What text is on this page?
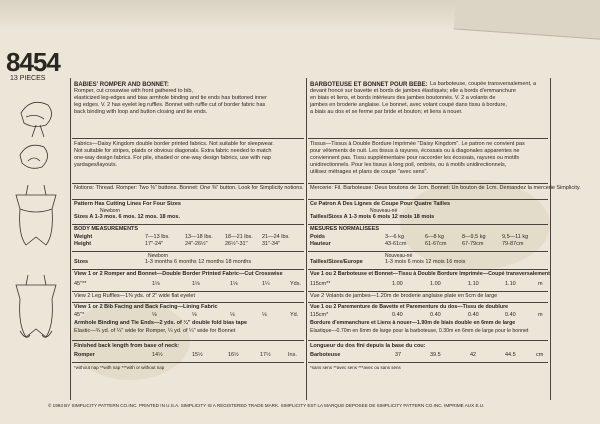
8454
13 PIECES
BABIES' ROMPER AND BONNET:
Romper, cut crosswise with front gathered to bib,
elasticized leg-edges and bias armhole binding and tie ends has buttoned inner
leg edges. V. 2 has eyelet leg ruffles. Bonnet with ruffle cut of border fabric has
back binding with loop and button closing and tie ends.
Fabrics—Daisy Kingdom double border printed fabrics. Not suitable for sleepwear.
Not suitable for stripes, plaids or obvious diagonals. Extra fabric needed to match
one-way design fabrics. For pile, shaded or one-way design fabrics, use with nap
yardages/layouts.
Notions: Thread. Romper: Two ⅜" buttons. Bonnet: One ⅜" button. Look for Simplicity notions.
Pattern Has Cutting Lines For Four Sizes
Newborn
Sizes A 1-3 mos. 6 mos. 12 mos. 18 mos.
BODY MEASUREMENTS
Weight	7—13 lbs.	13—18 lbs. 18—21 lbs. 21—24 lbs.
Height	17"-24"	24"-26½"	26½"-31"	31"-34"
Newborn
Sizes	1-3 months 6 months 12 months 18 months
View 1 or 2 Romper and Bonnet—Double Border Printed Fabric—Cut Crosswise
45"**	1⅛	1⅛	1⅛	1¼	Yds.
View 2 Leg Ruffles—1⅜ yds. of 2" wide flat eyelet
View 1 or 2 Bib Facing and Back Facing—Lining Fabric
45"*	⅛	⅛	⅛	⅛	Yd.
Armhole Binding and Tie Ends—2 yds. of ¼" double fold bias tape
Elastic—¾ yd. of ¼" wide for Romper, ¼ yd. of ¼" wide for Bonnet
Finished back length from base of neck:
Romper	14½	15½	16½	17½	Ins.
*without nap **with nap ***with or without nap
BARBOTEUSE ET BONNET POUR BEBE: La barboteuse, coupée transversalement, a
devant froncé sur bavette et bords de jambes élastiqués; elle a bords d'emmanchure
en biais et liens, et bords intérieurs des jambes boutonnés. V. 2 a volants de
jambes en broderie anglaise. Le bonnet, avec volant coupé dans tissu à bordure,
a biais au dos et se ferme par bride et bouton; et liens à nouer.
Tissus—Tissus à Double Bordure Imprimée "Daisy Kingdom". Le patron ne convient pas
pour vêtements de nuit. Les tissus à rayures, écossais ou à diagonales apparentes ne
conviennent pas. Tissu supplémentaire pour raccorder les écossais, rayures ou motifs
unidirectionnels. Pour les tissus à long poil, ombrés, ou à motifs unidirectionnels,
utilisez métrages et plans de coupe "avec sens".
Mercerie: Fil. Barboteuse: Deux boutons de 1cm. Bonnet: Un bouton de 1cm. Demandez la mercerie Simplicity.
Ce Patron A Des Lignes de Coupe Pour Quatre Tailles
Nouveau-né
Tailles/Sizes A 1-3 mois 6 mois 12 mois 18 mois
MESURES NORMALISEES
Poids	3—6 kg	6—8 kg	8—9,5 kg	9,5—11 kg
Hauteur	43-61cm	61-67cm	67-79cm	79-87cm
Nouveau-né
Tailles/Sizes/Europe	1-3 mois 6 mois 12 mois 16 mois
Vue 1 ou 2 Barboteuse et Bonnet—Tissu à Double Bordure Imprimée—Coupé transversalement
115cm**	1.00	1.00	1.10	1.10	m
Vue 2 Volants de jambes—1.20m de broderie anglaise plate en 5cm de large
Vue 1 ou 2 Parementure de Bavette et Parementure du dos—Tissu de doublure
115cm*	0.40	0.40	0.40	0.40	m
Bordure d'emmanchure et Liens à nouer—1.90m de biais double en 6mm de large
Elastique—0.70m en 6mm de large pour la barboteuse, 0.30m en 6mm de large pour le bonnet
Longueur du dos fini depuis la base du cou:
Barboteuse	37	39.5	42	44.5	cm
*sans sens **avec sens ***avec ou sans sens
© 1993 BY SIMPLICITY PATTERN CO.INC. PRINTED IN U.S.A. SIMPLICITY IS A REGISTERED TRADE MARK. SIMPLICITY EST LA MARQUE DEPOSEE DE SIMPLICITY PATTERN CO.INC. IMPRIME AUX E.U.
